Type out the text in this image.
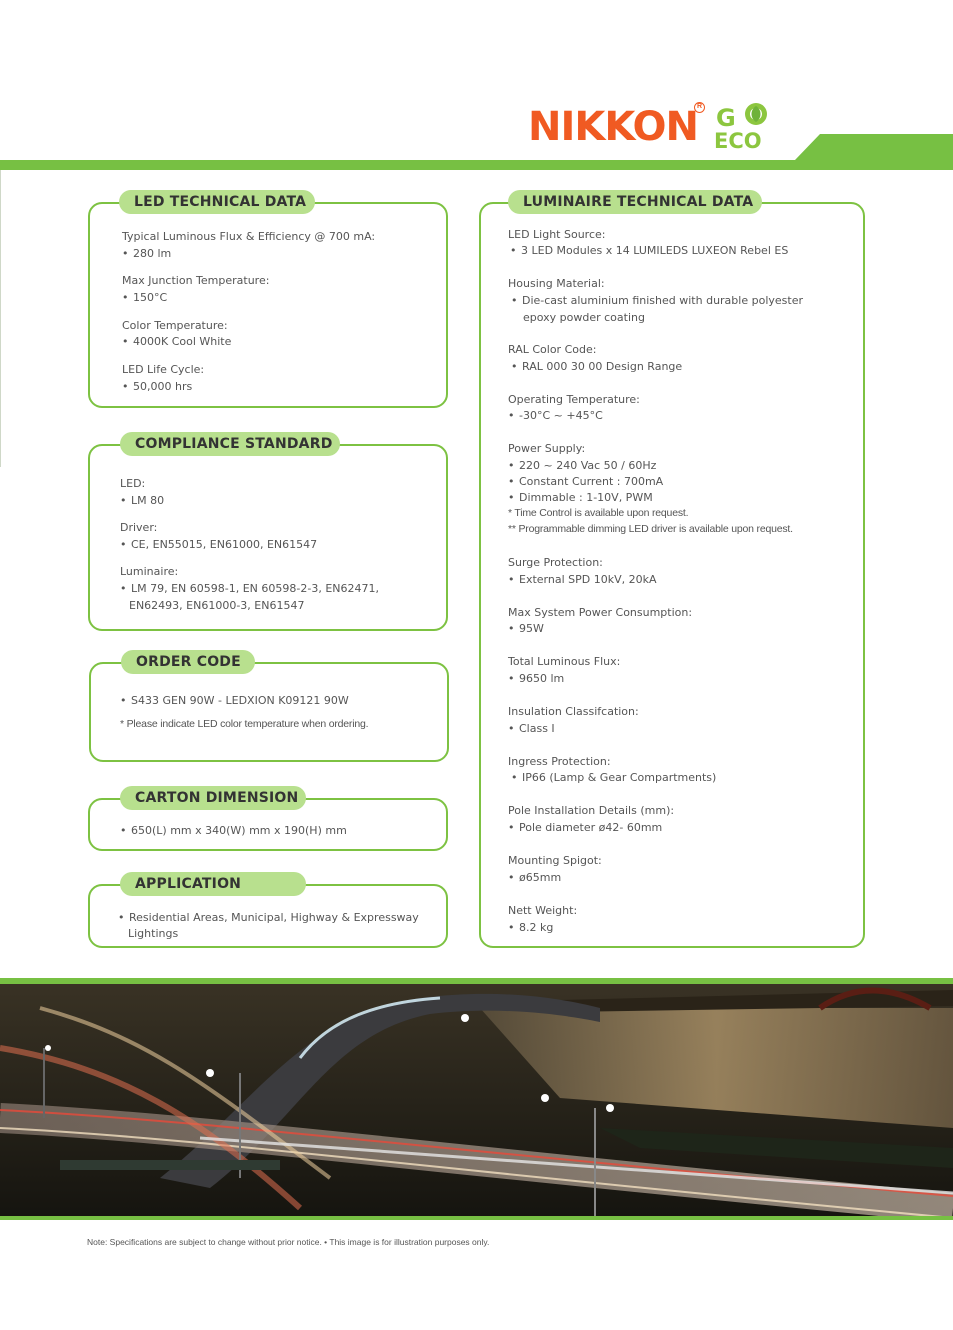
NIKKON
R G
ECO
LED TECHNICAL DATA
Typical Luminous Flux & Efficiency @ 700 mA:
• 280 lm
Max Junction Temperature:
• 150°C
Color Temperature:
• 4000K Cool White
LED Life Cycle:
• 50,000 hrs
COMPLIANCE STANDARD
LED:
• LM 80
Driver:
• CE, EN55015, EN61000, EN61547
Luminaire:
• LM 79, EN 60598-1, EN 60598-2-3, EN62471,
EN62493, EN61000-3, EN61547
ORDER CODE
• S433 GEN 90W - LEDXION K09121 90W
* Please indicate LED color temperature when ordering.
CARTON DIMENSION
• 650(L) mm x 340(W) mm x 190(H) mm
APPLICATION
• Residential Areas, Municipal, Highway & Expressway
Lightings
LUMINAIRE TECHNICAL DATA
LED Light Source:
• 3 LED Modules x 14 LUMILEDS LUXEON Rebel ES
Housing Material:
• Die-cast aluminium finished with durable polyester
epoxy powder coating
RAL Color Code:
• RAL 000 30 00 Design Range
Operating Temperature:
• -30°C ~ +45°C
Power Supply:
• 220 ~ 240 Vac 50 / 60Hz
• Constant Current : 700mA
• Dimmable : 1-10V, PWM
* Time Control is available upon request.
** Programmable dimming LED driver is available upon request.
Surge Protection:
• External SPD 10kV, 20kA
Max System Power Consumption:
• 95W
Total Luminous Flux:
• 9650 lm
Insulation Classifcation:
• Class I
Ingress Protection:
• IP66 (Lamp & Gear Compartments)
Pole Installation Details (mm):
• Pole diameter ø42- 60mm
Mounting Spigot:
• ø65mm
Nett Weight:
• 8.2 kg
Note: Specifications are subject to change without prior notice. • This image is for illustration purposes only.
